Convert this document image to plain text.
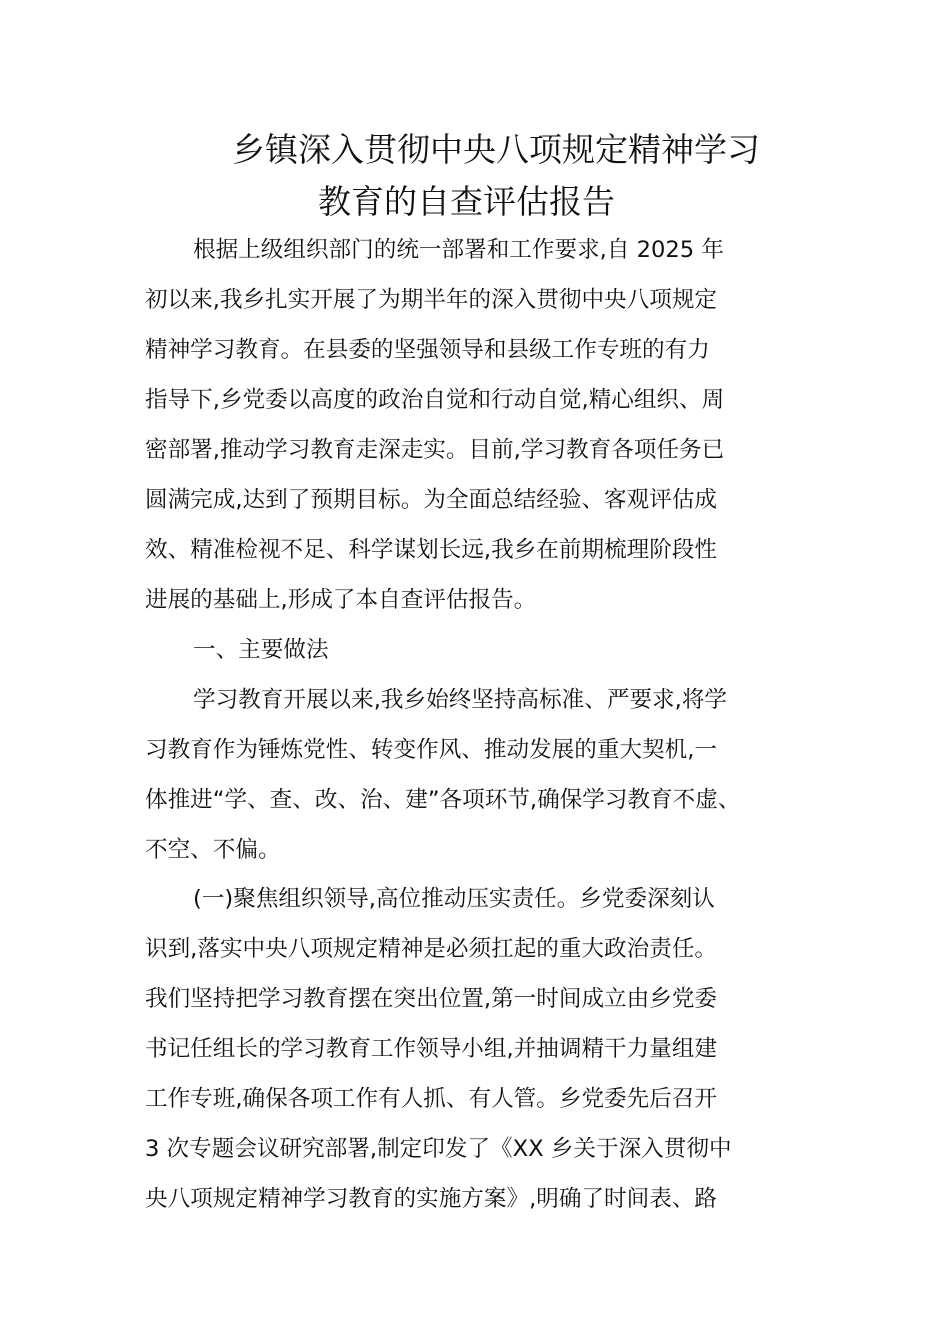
乡镇深入贯彻中央八项规定精神学习
教育的自查评估报告
根据上级组织部门的统一部署和工作要求,自 2025 年
初以来,我乡扎实开展了为期半年的深入贯彻中央八项规定
精神学习教育。在县委的坚强领导和县级工作专班的有力
指导下,乡党委以高度的政治自觉和行动自觉,精心组织、周
密部署,推动学习教育走深走实。目前,学习教育各项任务已
圆满完成,达到了预期目标。为全面总结经验、客观评估成
效、精准检视不足、科学谋划长远,我乡在前期梳理阶段性
进展的基础上,形成了本自查评估报告。
一、主要做法
学习教育开展以来,我乡始终坚持高标准、严要求,将学
习教育作为锤炼党性、转变作风、推动发展的重大契机,一
体推进“学、查、改、治、建”各项环节,确保学习教育不虚、
不空、不偏。
(一)聚焦组织领导,高位推动压实责任。乡党委深刻认
识到,落实中央八项规定精神是必须扛起的重大政治责任。
我们坚持把学习教育摆在突出位置,第一时间成立由乡党委
书记任组长的学习教育工作领导小组,并抽调精干力量组建
工作专班,确保各项工作有人抓、有人管。乡党委先后召开
3 次专题会议研究部署,制定印发了《XX 乡关于深入贯彻中
央八项规定精神学习教育的实施方案》,明确了时间表、路
